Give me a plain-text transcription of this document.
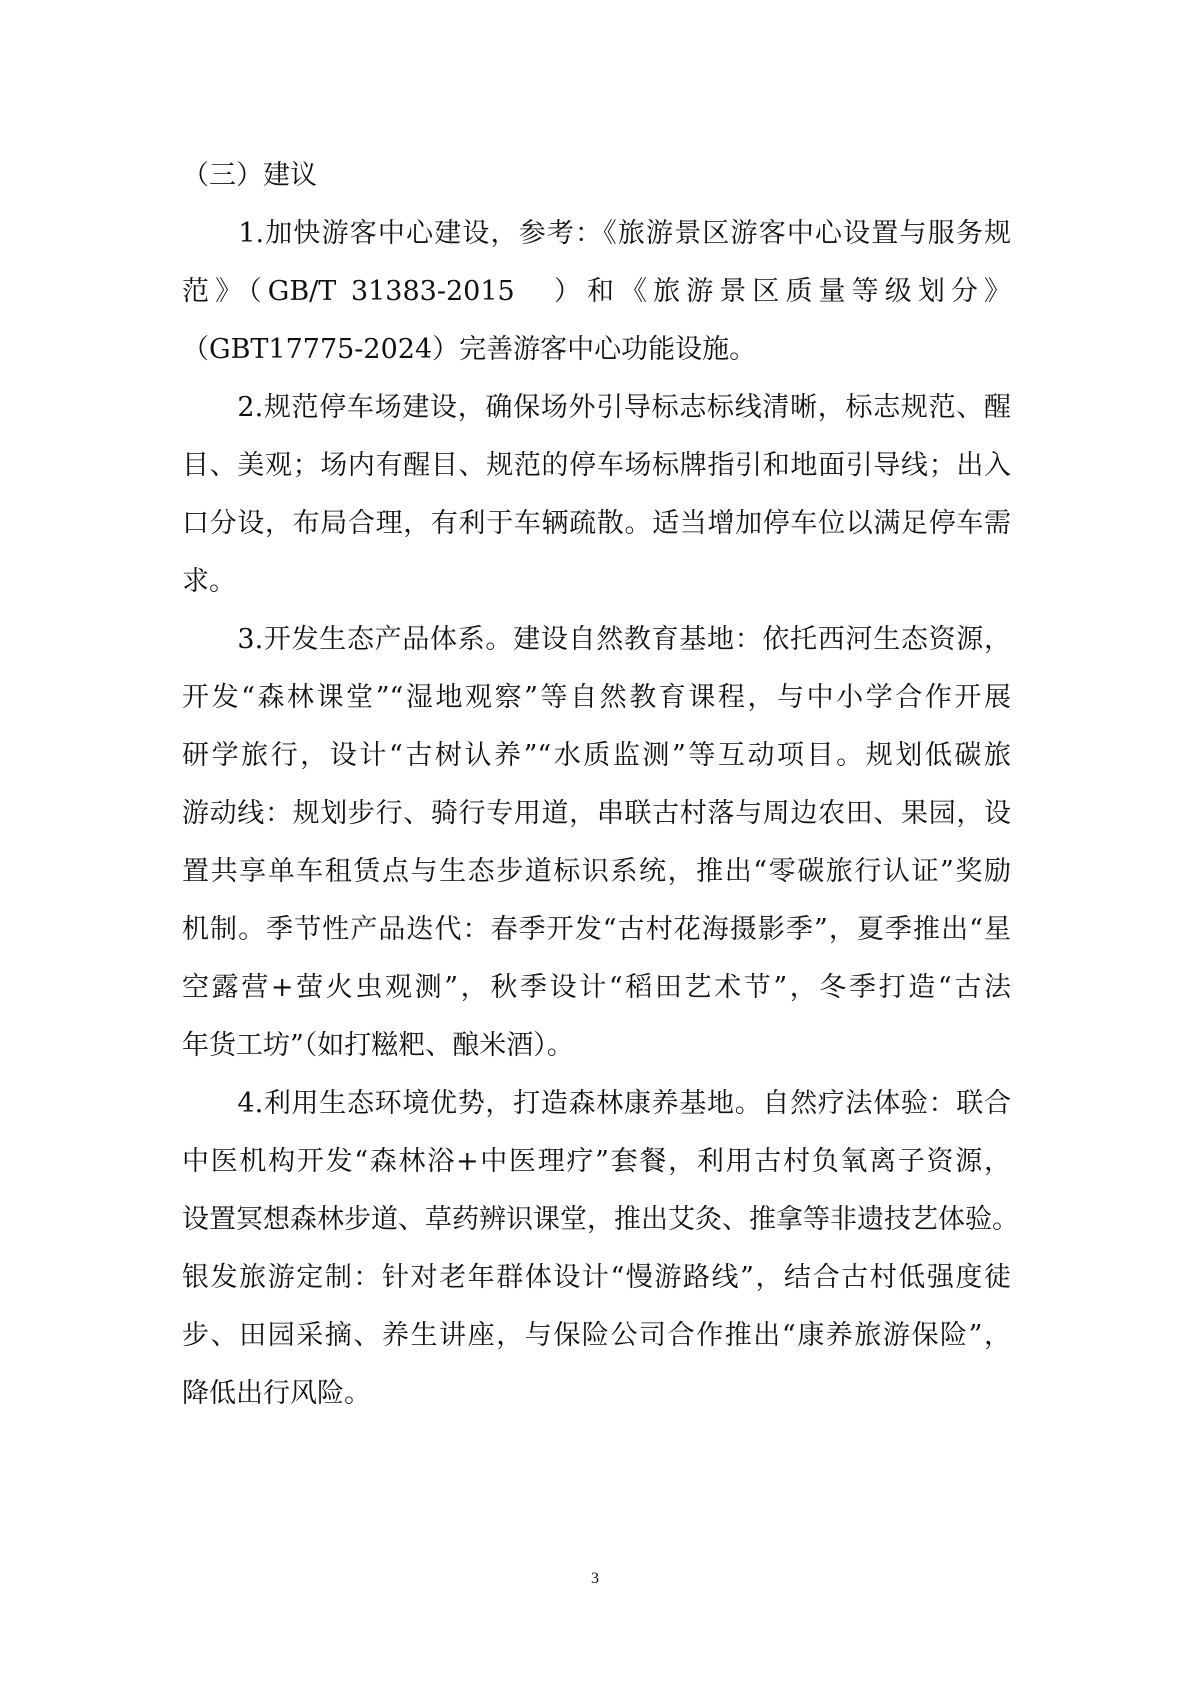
（三）建议
　　1.加快游客中心建设，参考：《旅游景区游客中心设置与服务规
范》（GB/T 31383-2015　）和《旅游景区质量等级划分》
（GBT17775-2024）完善游客中心功能设施。
　　2.规范停车场建设，确保场外引导标志标线清晰，标志规范、醒
目、美观；场内有醒目、规范的停车场标牌指引和地面引导线；出入
口分设，布局合理，有利于车辆疏散。适当增加停车位以满足停车需
求。
　　3.开发生态产品体系。建设自然教育基地：依托西河生态资源，
开发“森林课堂”“湿地观察”等自然教育课程，与中小学合作开展
研学旅行，设计“古树认养”“水质监测”等互动项目。规划低碳旅
游动线：规划步行、骑行专用道，串联古村落与周边农田、果园，设
置共享单车租赁点与生态步道标识系统，推出“零碳旅行认证”奖励
机制。季节性产品迭代：春季开发“古村花海摄影季”，夏季推出“星
空露营+萤火虫观测”，秋季设计“稻田艺术节”，冬季打造“古法
年货工坊”（如打糍粑、酿米酒）。
　　4.利用生态环境优势，打造森林康养基地。自然疗法体验：联合
中医机构开发“森林浴+中医理疗”套餐，利用古村负氧离子资源，
设置冥想森林步道、草药辨识课堂，推出艾灸、推拿等非遗技艺体验。
银发旅游定制：针对老年群体设计“慢游路线”，结合古村低强度徒
步、田园采摘、养生讲座，与保险公司合作推出“康养旅游保险”，
降低出行风险。
3
